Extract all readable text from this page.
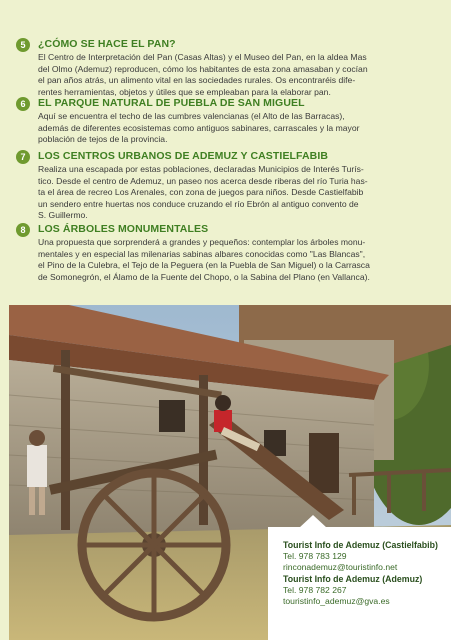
5	¿CÓMO SE HACE EL PAN?
El Centro de Interpretación del Pan (Casas Altas) y el Museo del Pan, en la aldea Mas
del Olmo (Ademuz) reproducen, cómo los habitantes de esta zona amasaban y cocían
el pan años atrás, un alimento vital en las sociedades rurales. Os encontraréis dife-
rentes herramientas, objetos y útiles que se empleaban para la elaborar pan.
6	EL PARQUE NATURAL DE PUEBLA DE SAN MIGUEL
Aquí se encuentra el techo de las cumbres valencianas (el Alto de las Barracas),
además de diferentes ecosistemas como antiguos sabinares, carrascales y la mayor
población de tejos de la provincia.
7	LOS CENTROS URBANOS DE ADEMUZ Y CASTIELFABIB
Realiza una escapada por estas poblaciones, declaradas Municipios de Interés Turís-
tico. Desde el centro de Ademuz, un paseo nos acerca desde riberas del río Turia has-
ta el área de recreo Los Arenales, con zona de juegos para niños. Desde Castielfabib
un sendero entre huertas nos conduce cruzando el río Ebrón al antiguo convento de
S. Guillermo.
8	LOS ÁRBOLES MONUMENTALES
Una propuesta que sorprenderá a grandes y pequeños: contemplar los árboles monu-
mentales y en especial las milenarias sabinas albares conocidas como "Las Blancas",
el Pino de la Culebra, el Tejo de la Peguera (en la Puebla de San Miguel) o la Carrasca
de Somonegrón, el Álamo de la Fuente del Chopo, o la Sabina del Plano (en Vallanca).
Tourist Info de Ademuz (Castielfabib)
Tel. 978 783 129
rinconademuz@touristinfo.net
Tourist Info de Ademuz (Ademuz)
Tel. 978 782 267
touristinfo_ademuz@gva.es
